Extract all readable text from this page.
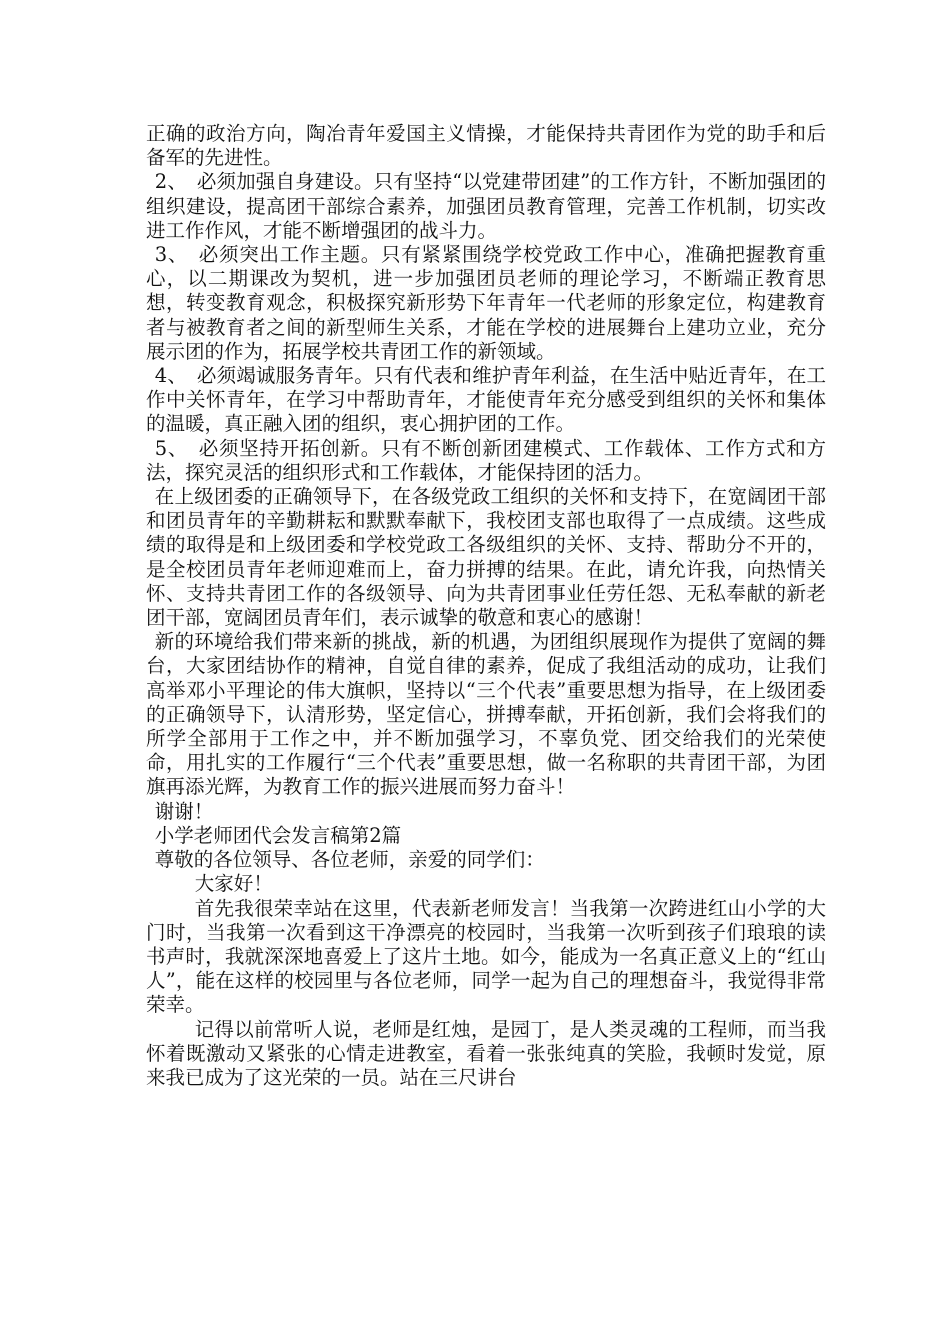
正确的政治方向，陶冶青年爱国主义情操，才能保持共青团作为党的助手和后备军的先进性。

2、　必须加强自身建设。只有坚持“以党建带团建”的工作方针，不断加强团的组织建设，提高团干部综合素养，加强团员教育管理，完善工作机制，切实改进工作作风，才能不断增强团的战斗力。

3、　必须突出工作主题。只有紧紧围绕学校党政工作中心，准确把握教育重心，以二期课改为契机，进一步加强团员老师的理论学习，不断端正教育思想，转变教育观念，积极探究新形势下年青年一代老师的形象定位，构建教育者与被教育者之间的新型师生关系，才能在学校的进展舞台上建功立业，充分展示团的作为，拓展学校共青团工作的新领域。

4、　必须竭诚服务青年。只有代表和维护青年利益，在生活中贴近青年，在工作中关怀青年，在学习中帮助青年，才能使青年充分感受到组织的关怀和集体的温暖，真正融入团的组织，衷心拥护团的工作。

5、　必须坚持开拓创新。只有不断创新团建模式、工作载体、工作方式和方法，探究灵活的组织形式和工作载体，才能保持团的活力。

在上级团委的正确领导下，在各级党政工组织的关怀和支持下，在宽阔团干部和团员青年的辛勤耕耘和默默奉献下，我校团支部也取得了一点成绩。这些成绩的取得是和上级团委和学校党政工各级组织的关怀、支持、帮助分不开的，是全校团员青年老师迎难而上，奋力拼搏的结果。在此，请允许我，向热情关怀、支持共青团工作的各级领导、向为共青团事业任劳任怨、无私奉献的新老团干部，宽阔团员青年们，表示诚挚的敬意和衷心的感谢！

新的环境给我们带来新的挑战，新的机遇，为团组织展现作为提供了宽阔的舞台，大家团结协作的精神，自觉自律的素养，促成了我组活动的成功，让我们高举邓小平理论的伟大旗帜，坚持以“三个代表”重要思想为指导，在上级团委的正确领导下，认清形势，坚定信心，拼搏奉献，开拓创新，我们会将我们的所学全部用于工作之中，并不断加强学习，不辜负党、团交给我们的光荣使命，用扎实的工作履行“三个代表”重要思想，做一名称职的共青团干部，为团旗再添光辉，为教育工作的振兴进展而努力奋斗！

谢谢！

小学老师团代会发言稿第2篇

尊敬的各位领导、各位老师，亲爱的同学们：

大家好！

首先我很荣幸站在这里，代表新老师发言！当我第一次跨进红山小学的大门时，当我第一次看到这干净漂亮的校园时，当我第一次听到孩子们琅琅的读书声时，我就深深地喜爱上了这片土地。如今，能成为一名真正意义上的“红山人”，能在这样的校园里与各位老师，同学一起为自己的理想奋斗，我觉得非常荣幸。

记得以前常听人说，老师是红烛，是园丁，是人类灵魂的工程师，而当我怀着既激动又紧张的心情走进教室，看着一张张纯真的笑脸，我顿时发觉，原来我已成为了这光荣的一员。站在三尺讲台
